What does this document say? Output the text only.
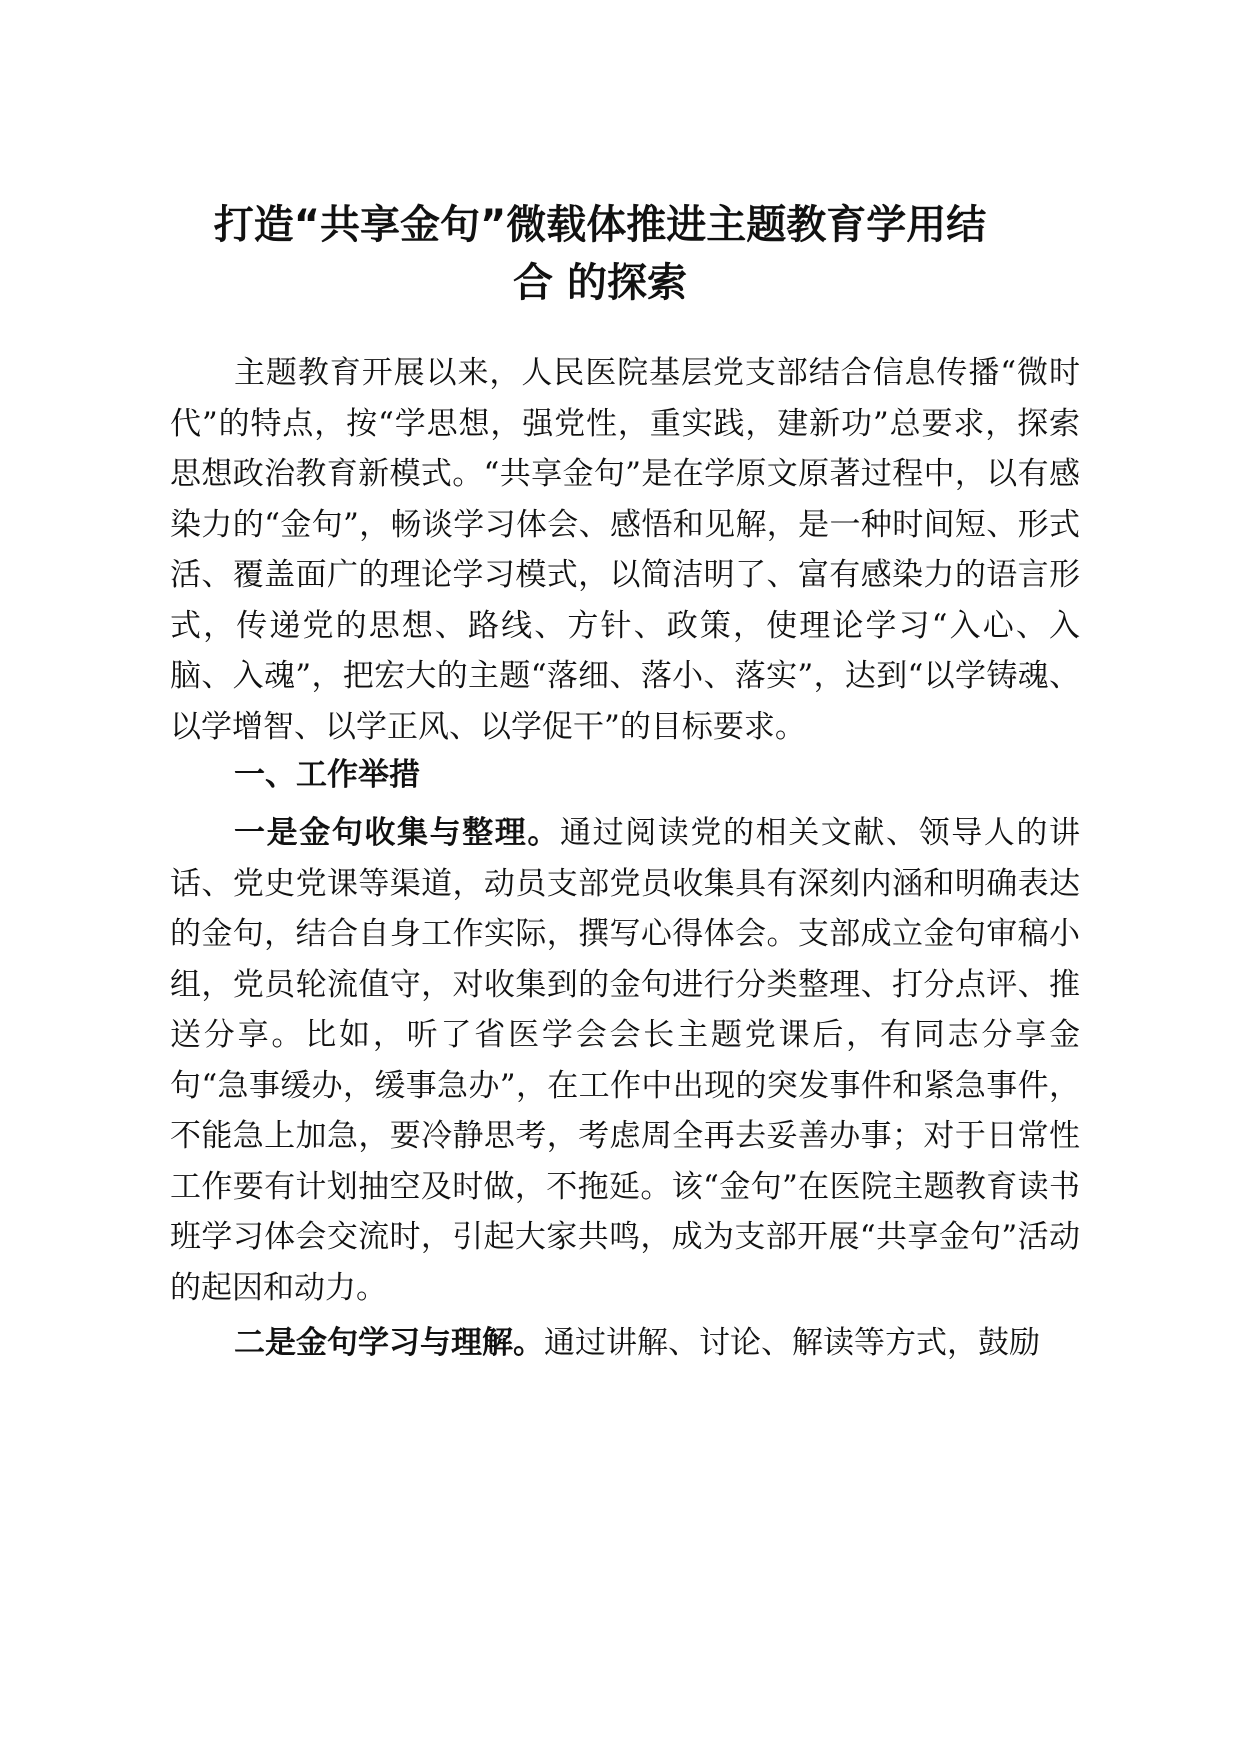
打造“共享金句”微载体推进主题教育学用结
合 的探索

主题教育开展以来，人民医院基层党支部结合信息传播“微时代”的特点，按“学思想，强党性，重实践，建新功”总要求，探索思想政治教育新模式。“共享金句”是在学原文原著过程中，以有感染力的“金句”，畅谈学习体会、感悟和见解，是一种时间短、形式活、覆盖面广的理论学习模式，以简洁明了、富有感染力的语言形式，传递党的思想、路线、方针、政策，使理论学习“入心、入脑、入魂”，把宏大的主题“落细、落小、落实”，达到“以学铸魂、以学增智、以学正风、以学促干”的目标要求。

一、工作举措

一是金句收集与整理。通过阅读党的相关文献、领导人的讲话、党史党课等渠道，动员支部党员收集具有深刻内涵和明确表达的金句，结合自身工作实际，撰写心得体会。支部成立金句审稿小组，党员轮流值守，对收集到的金句进行分类整理、打分点评、推送分享。比如，听了省医学会会长主题党课后，有同志分享金句“急事缓办，缓事急办”，在工作中出现的突发事件和紧急事件，不能急上加急，要冷静思考，考虑周全再去妥善办事；对于日常性工作要有计划抽空及时做，不拖延。该“金句”在医院主题教育读书班学习体会交流时，引起大家共鸣，成为支部开展“共享金句”活动的起因和动力。

二是金句学习与理解。通过讲解、讨论、解读等方式，鼓励
